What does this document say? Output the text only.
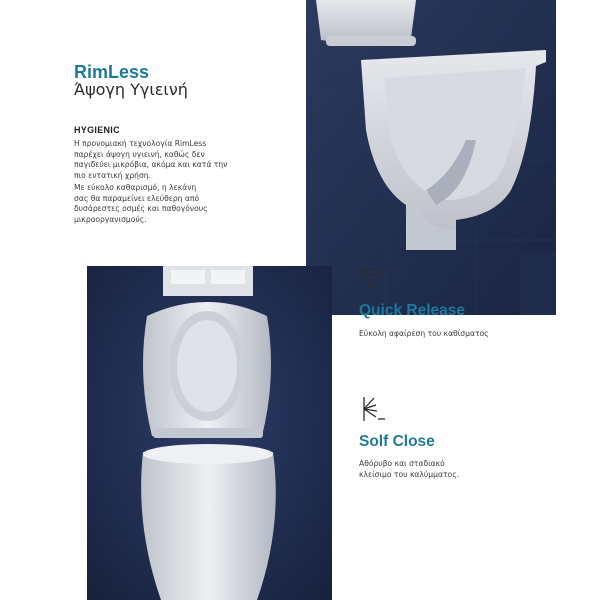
RimLess
Άψογη Υγιεινή
HYGIENIC
Η προνομιακή τεχνολογία RimLess
παρέχει άψογη υγιεινή, καθώς δεν
παγιδεύει μικρόβια, ακόμα και κατά την
πιο εντατική χρήση.
Με εύκολο καθαρισμό, η λεκάνη
σας θα παραμείνει ελεύθερη από
δυσάρεστες οσμές και παθογόνους
μικροοργανισμούς.
Quick Release
Εύκολη αφαίρεση του καθίσματος
Solf Close
Αθόρυβο και σταδιακό
κλείσιμο του καλύμματος.
